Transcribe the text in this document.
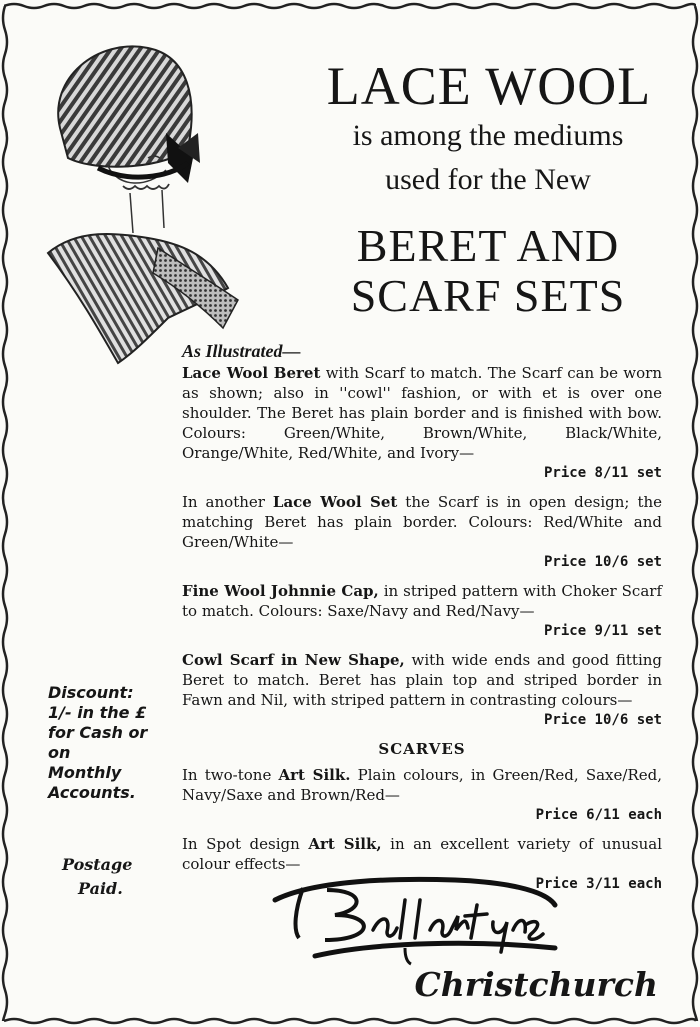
LACE WOOL
is among the mediums
used for the New
BERET AND
SCARF SETS
As Illustrated—
Lace Wool Beret with Scarf to match. The Scarf can be worn as shown; also in ''cowl'' fashion, or with et is over one shoulder. The Beret has plain border and is finished with bow. Colours: Green/White, Brown/White, Black/White, Orange/White, Red/White, and Ivory—
Price 8/11 set
In another Lace Wool Set the Scarf is in open design; the matching Beret has plain border. Colours: Red/White and Green/White—
Price 10/6 set
Fine Wool Johnnie Cap, in striped pattern with Choker Scarf to match. Colours: Saxe/Navy and Red/Navy—
Price 9/11 set
Cowl Scarf in New Shape, with wide ends and good fitting Beret to match. Beret has plain top and striped border in Fawn and Nil, with striped pattern in contrasting colours—
Price 10/6 set
SCARVES
In two-tone Art Silk. Plain colours, in Green/Red, Saxe/Red, Navy/Saxe and Brown/Red—
Price 6/11 each
In Spot design Art Silk, in an excellent variety of unusual colour effects—
Price 3/11 each
Discount:
1/- in the £
for Cash or
on
Monthly
Accounts.
Postage
Paid.
Christchurch
